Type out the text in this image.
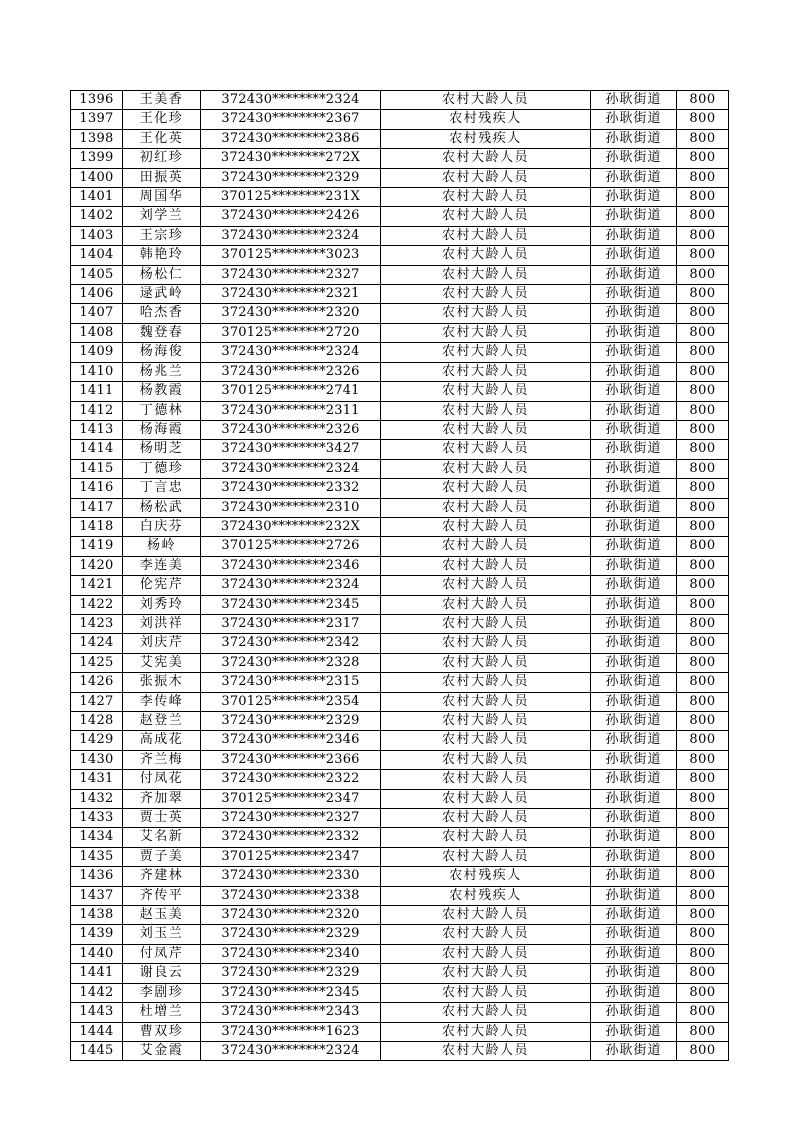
1396	王美香	372430********2324	农村大龄人员	孙耿街道	800
1397	王化珍	372430********2367	农村残疾人	孙耿街道	800
1398	王化英	372430********2386	农村残疾人	孙耿街道	800
1399	初红珍	372430********272X	农村大龄人员	孙耿街道	800
1400	田振英	372430********2329	农村大龄人员	孙耿街道	800
1401	周国华	370125********231X	农村大龄人员	孙耿街道	800
1402	刘学兰	372430********2426	农村大龄人员	孙耿街道	800
1403	王宗珍	372430********2324	农村大龄人员	孙耿街道	800
1404	韩艳玲	370125********3023	农村大龄人员	孙耿街道	800
1405	杨松仁	372430********2327	农村大龄人员	孙耿街道	800
1406	逯武岭	372430********2321	农村大龄人员	孙耿街道	800
1407	哈杰香	372430********2320	农村大龄人员	孙耿街道	800
1408	魏登春	370125********2720	农村大龄人员	孙耿街道	800
1409	杨海俊	372430********2324	农村大龄人员	孙耿街道	800
1410	杨兆兰	372430********2326	农村大龄人员	孙耿街道	800
1411	杨教霞	370125********2741	农村大龄人员	孙耿街道	800
1412	丁德林	372430********2311	农村大龄人员	孙耿街道	800
1413	杨海霞	372430********2326	农村大龄人员	孙耿街道	800
1414	杨明芝	372430********3427	农村大龄人员	孙耿街道	800
1415	丁德珍	372430********2324	农村大龄人员	孙耿街道	800
1416	丁言忠	372430********2332	农村大龄人员	孙耿街道	800
1417	杨松武	372430********2310	农村大龄人员	孙耿街道	800
1418	白庆芬	372430********232X	农村大龄人员	孙耿街道	800
1419	杨岭	370125********2726	农村大龄人员	孙耿街道	800
1420	李连美	372430********2346	农村大龄人员	孙耿街道	800
1421	伦宪芹	372430********2324	农村大龄人员	孙耿街道	800
1422	刘秀玲	372430********2345	农村大龄人员	孙耿街道	800
1423	刘洪祥	372430********2317	农村大龄人员	孙耿街道	800
1424	刘庆芹	372430********2342	农村大龄人员	孙耿街道	800
1425	艾宪美	372430********2328	农村大龄人员	孙耿街道	800
1426	张振木	372430********2315	农村大龄人员	孙耿街道	800
1427	李传峰	370125********2354	农村大龄人员	孙耿街道	800
1428	赵登兰	372430********2329	农村大龄人员	孙耿街道	800
1429	高成花	372430********2346	农村大龄人员	孙耿街道	800
1430	齐兰梅	372430********2366	农村大龄人员	孙耿街道	800
1431	付凤花	372430********2322	农村大龄人员	孙耿街道	800
1432	齐加翠	370125********2347	农村大龄人员	孙耿街道	800
1433	贾士英	372430********2327	农村大龄人员	孙耿街道	800
1434	艾名新	372430********2332	农村大龄人员	孙耿街道	800
1435	贾子美	370125********2347	农村大龄人员	孙耿街道	800
1436	齐建林	372430********2330	农村残疾人	孙耿街道	800
1437	齐传平	372430********2338	农村残疾人	孙耿街道	800
1438	赵玉美	372430********2320	农村大龄人员	孙耿街道	800
1439	刘玉兰	372430********2329	农村大龄人员	孙耿街道	800
1440	付凤芹	372430********2340	农村大龄人员	孙耿街道	800
1441	谢良云	372430********2329	农村大龄人员	孙耿街道	800
1442	李剧珍	372430********2345	农村大龄人员	孙耿街道	800
1443	杜增兰	372430********2343	农村大龄人员	孙耿街道	800
1444	曹双珍	372430********1623	农村大龄人员	孙耿街道	800
1445	艾金霞	372430********2324	农村大龄人员	孙耿街道	800
